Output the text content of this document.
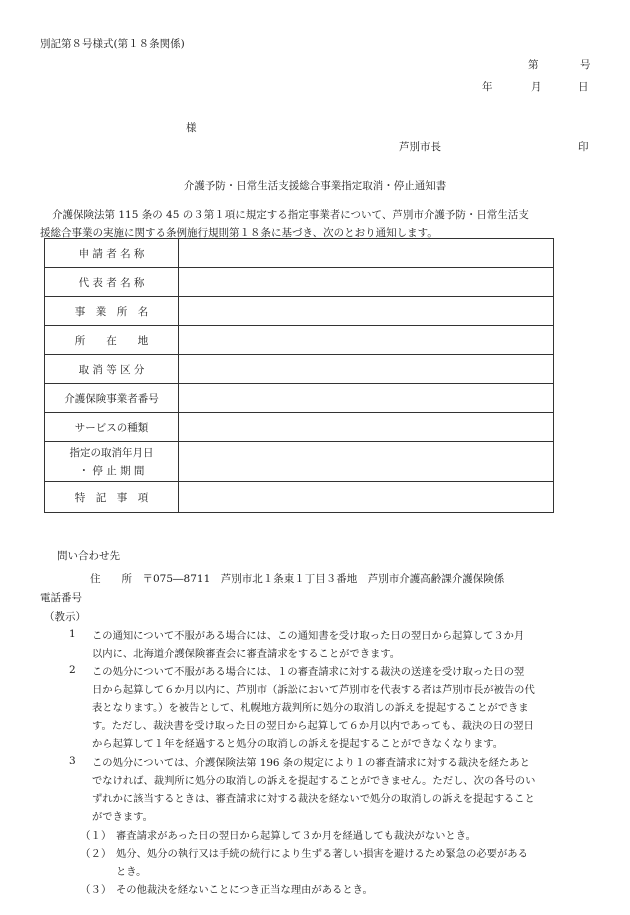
別記第８号様式(第１８条関係)
第	号
年	月	日
様
芦別市長	印
介護予防・日常生活支援総合事業指定取消・停止通知書
介護保険法第 115 条の 45 の３第１項に規定する指定事業者について、芦別市介護予防・日常生活支
援総合事業の実施に関する条例施行規則第１８条に基づき、次のとおり通知します。
申 請 者 名 称	
代 表 者 名 称	
事　業　所　名	
所　　在　　地	
取 消 等 区 分	
介護保険事業者番号	
サービスの種類	

指定の取消年月日
・ 停 止 期 間	

特　記　事　項	
問い合わせ先
住　　所　〒075―8711　芦別市北１条東１丁目３番地　芦別市介護高齢課介護保険係
電話番号
（教示）
1 この通知について不服がある場合には、この通知書を受け取った日の翌日から起算して３か月
以内に、北海道介護保険審査会に審査請求をすることができます。
2 この処分について不服がある場合には、１の審査請求に対する裁決の送達を受け取った日の翌
日から起算して６か月以内に、芦別市（訴訟において芦別市を代表する者は芦別市長が被告の代
表となります。）を被告として、札幌地方裁判所に処分の取消しの訴えを提起することができま
す。ただし、裁決書を受け取った日の翌日から起算して６か月以内であっても、裁決の日の翌日
から起算して１年を経過すると処分の取消しの訴えを提起することができなくなります。
3 この処分については、介護保険法第 196 条の規定により１の審査請求に対する裁決を経たあと
でなければ、裁判所に処分の取消しの訴えを提起することができません。ただし、次の各号のい
ずれかに該当するときは、審査請求に対する裁決を経ないで処分の取消しの訴えを提起すること
ができます。
（１） 審査請求があった日の翌日から起算して３か月を経過しても裁決がないとき。
（２） 処分、処分の執行又は手続の続行により生ずる著しい損害を避けるため緊急の必要がある
とき。
（３） その他裁決を経ないことにつき正当な理由があるとき。
